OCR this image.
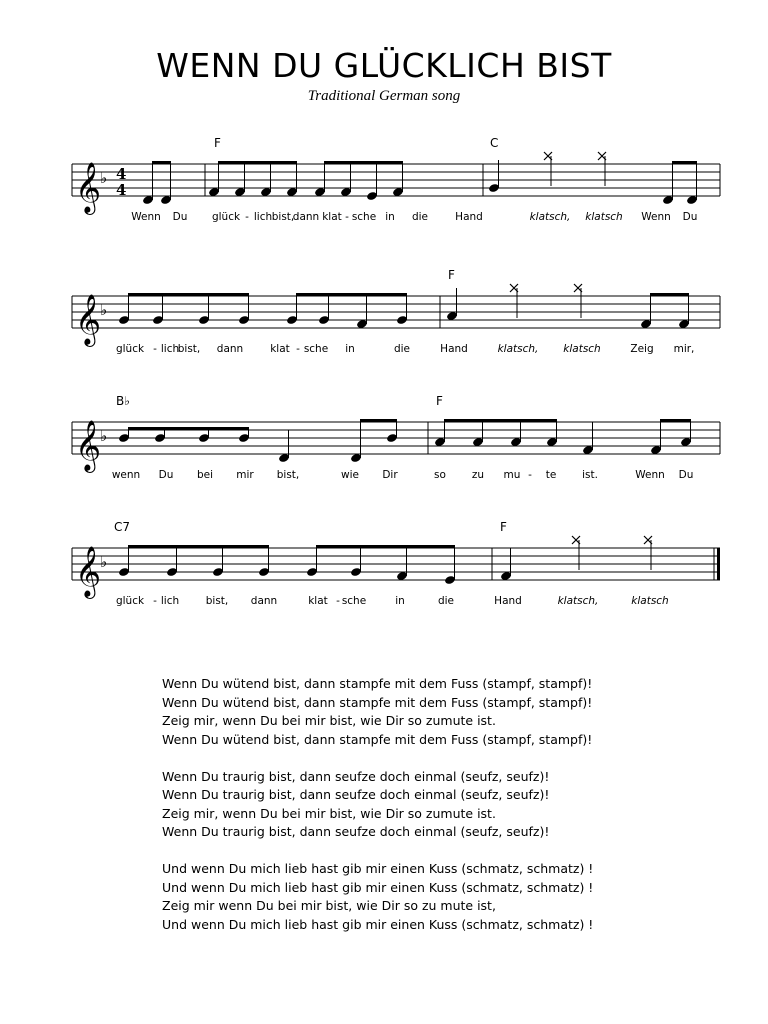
WENN DU GLÜCKLICH BIST
Traditional German song
𝄞
♭ 4
4
F	C
Wenn Du glück - lich bist,
dann klat - sche in die	Hand	klatsch, klatsch Wenn Du
𝄞
♭
F
glück - lich
bist, dann	klat - sche in	die	Hand	klatsch, klatsch	Zeig mir,
𝄞
♭
B♭	F
wenn Du bei mir bist,	wie Dir	so zu mu - te ist.	Wenn Du
𝄞
♭
C7	F
glück - lich	bist, dann	klat - sche	in	die	Hand	klatsch,	klatsch
Wenn Du wütend bist, dann stampfe mit dem Fuss (stampf, stampf)!
Wenn Du wütend bist, dann stampfe mit dem Fuss (stampf, stampf)!
Zeig mir, wenn Du bei mir bist, wie Dir so zumute ist.
Wenn Du wütend bist, dann stampfe mit dem Fuss (stampf, stampf)!
Wenn Du traurig bist, dann seufze doch einmal (seufz, seufz)!
Wenn Du traurig bist, dann seufze doch einmal (seufz, seufz)!
Zeig mir, wenn Du bei mir bist, wie Dir so zumute ist.
Wenn Du traurig bist, dann seufze doch einmal (seufz, seufz)!
Und wenn Du mich lieb hast gib mir einen Kuss (schmatz, schmatz) !
Und wenn Du mich lieb hast gib mir einen Kuss (schmatz, schmatz) !
Zeig mir wenn Du bei mir bist, wie Dir so zu mute ist,
Und wenn Du mich lieb hast gib mir einen Kuss (schmatz, schmatz) !
